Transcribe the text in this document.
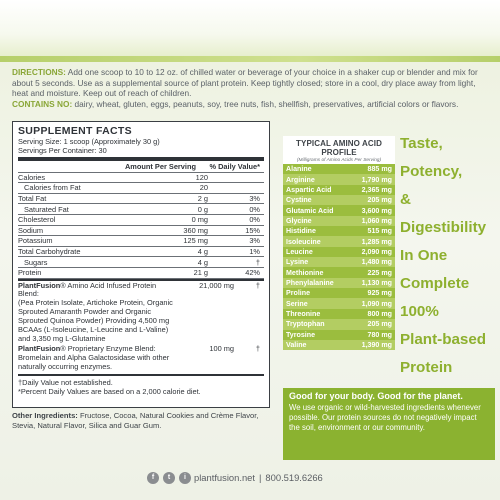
DIRECTIONS: Add one scoop to 10 to 12 oz. of chilled water or beverage of your choice in a shaker cup or blender and mix for about 5 seconds. Use as a supplemental source of plant protein. Keep tightly closed; store in a cool, dry place away from light, heat and moisture. Keep out of reach of children.
CONTAINS NO: dairy, wheat, gluten, eggs, peanuts, soy, tree nuts, fish, shellfish, preservatives, artificial colors or flavors.
SUPPLEMENT FACTS
Serving Size: 1 scoop (Approximately 30 g)
Servings Per Container: 30
Amount Per Serving	% Daily Value*
Calories	120
Calories from Fat	20
Total Fat	2 g	3%
Saturated Fat	0 g	0%
Cholesterol	0 mg	0%
Sodium	360 mg	15%
Potassium	125 mg	3%
Total Carbohydrate	4 g	1%
Sugars	4 g	†
Protein	21 g	42%
PlantFusion® Amino Acid Infused Protein Blend:
(Pea Protein Isolate, Artichoke Protein, Organic Sprouted Amaranth Powder and Organic Sprouted Quinoa Powder) Providing 4,500 mg BCAAs (L-Isoleucine, L-Leucine and L-Valine) and 3,350 mg L-Glutamine
21,000 mg	†
PlantFusion® Proprietary Enzyme Blend:
Bromelain and Alpha Galactosidase with other naturally occurring enzymes.
100 mg	†
†Daily Value not established.
*Percent Daily Values are based on a 2,000 calorie diet.
Other Ingredients: Fructose, Cocoa, Natural Cookies and Crème Flavor, Stevia, Natural Flavor, Silica and Guar Gum.
TYPICAL AMINO ACID PROFILE
(Milligrams of Amino Acids Per Serving)
Alanine	885 mg
Arginine	1,790 mg
Aspartic Acid	2,365 mg
Cystine	205 mg
Glutamic Acid	3,600 mg
Glycine	1,060 mg
Histidine	515 mg
Isoleucine	1,285 mg
Leucine	2,090 mg
Lysine	1,480 mg
Methionine	225 mg
Phenylalanine	1,130 mg
Proline	925 mg
Serine	1,090 mg
Threonine	800 mg
Tryptophan	205 mg
Tyrosine	780 mg
Valine	1,390 mg
Taste,
Potency,
& Digestibility
In One
Complete
100%
Plant-based
Protein
Good for your body. Good for the planet.
We use organic or wild-harvested ingredients whenever possible. Our protein sources do not negatively impact the soil, environment or our community.
f	t	i plantfusion.net | 800.519.6266
